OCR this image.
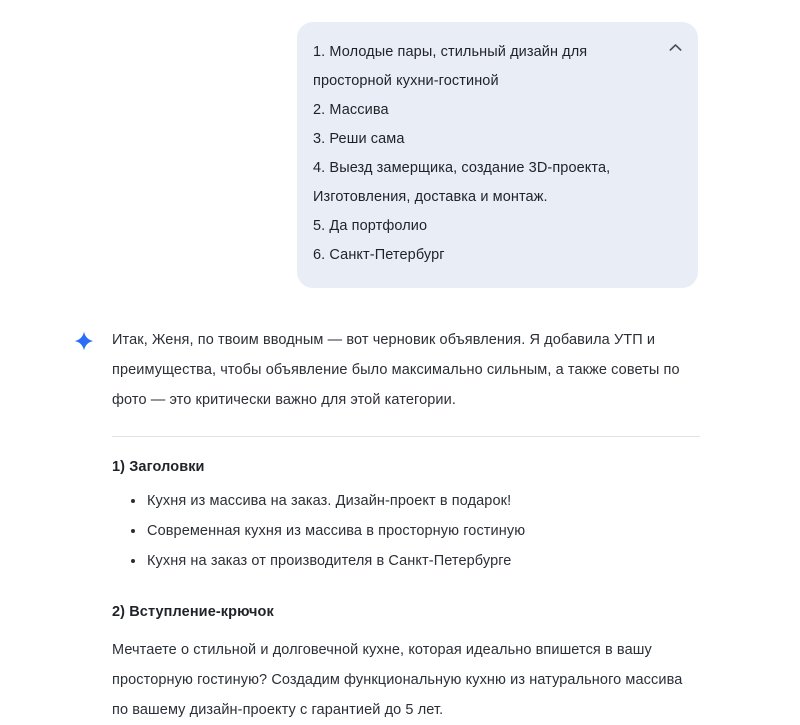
1. Молодые пары, стильный дизайн для просторной кухни-гостиной
2. Массива
3. Реши сама
4. Выезд замерщика, создание 3D-проекта, Изготовления, доставка и монтаж.
5. Да портфолио
6. Санкт-Петербург

Итак, Женя, по твоим вводным — вот черновик объявления. Я добавила УТП и преимущества, чтобы объявление было максимально сильным, а также советы по фото — это критически важно для этой категории.

1) Заголовки
Кухня из массива на заказ. Дизайн-проект в подарок!
Современная кухня из массива в просторную гостиную
Кухня на заказ от производителя в Санкт-Петербурге
2) Вступление-крючок

Мечтаете о стильной и долговечной кухне, которая идеально впишется в вашу просторную гостиную? Создадим функциональную кухню из натурального массива по вашему дизайн-проекту с гарантией до 5 лет.
